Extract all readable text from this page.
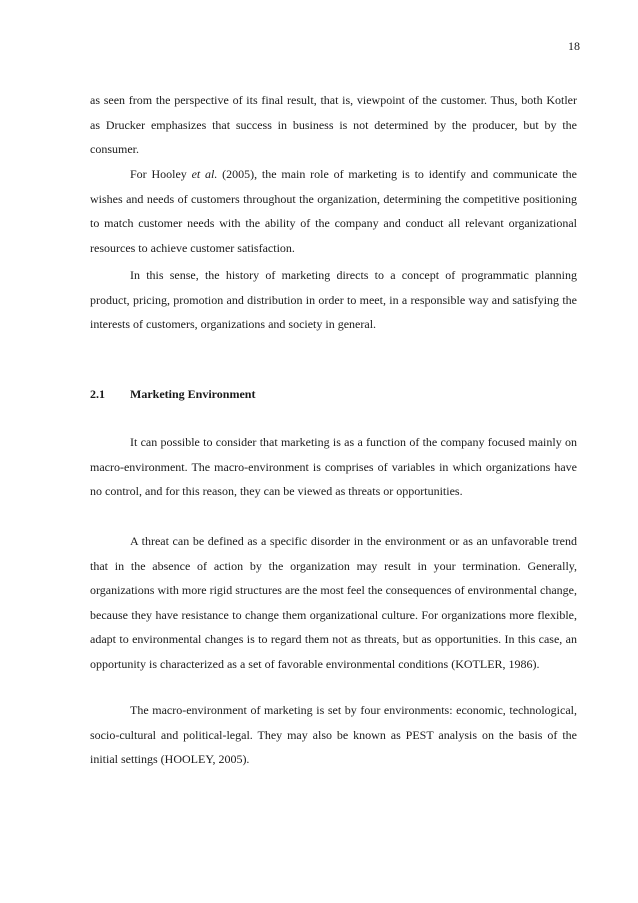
18

as seen from the perspective of its final result, that is, viewpoint of the customer. Thus, both Kotler as Drucker emphasizes that success in business is not determined by the producer, but by the consumer.

For Hooley et al. (2005), the main role of marketing is to identify and communicate the wishes and needs of customers throughout the organization, determining the competitive positioning to match customer needs with the ability of the company and conduct all relevant organizational resources to achieve customer satisfaction.

In this sense, the history of marketing directs to a concept of programmatic planning product, pricing, promotion and distribution in order to meet, in a responsible way and satisfying the interests of customers, organizations and society in general.

2.1 Marketing Environment

It can possible to consider that marketing is as a function of the company focused mainly on macro-environment. The macro-environment is comprises of variables in which organizations have no control, and for this reason, they can be viewed as threats or opportunities.

A threat can be defined as a specific disorder in the environment or as an unfavorable trend that in the absence of action by the organization may result in your termination. Generally, organizations with more rigid structures are the most feel the consequences of environmental change, because they have resistance to change them organizational culture. For organizations more flexible, adapt to environmental changes is to regard them not as threats, but as opportunities. In this case, an opportunity is characterized as a set of favorable environmental conditions (KOTLER, 1986).

The macro-environment of marketing is set by four environments: economic, technological, socio-cultural and political-legal. They may also be known as PEST analysis on the basis of the initial settings (HOOLEY, 2005).
